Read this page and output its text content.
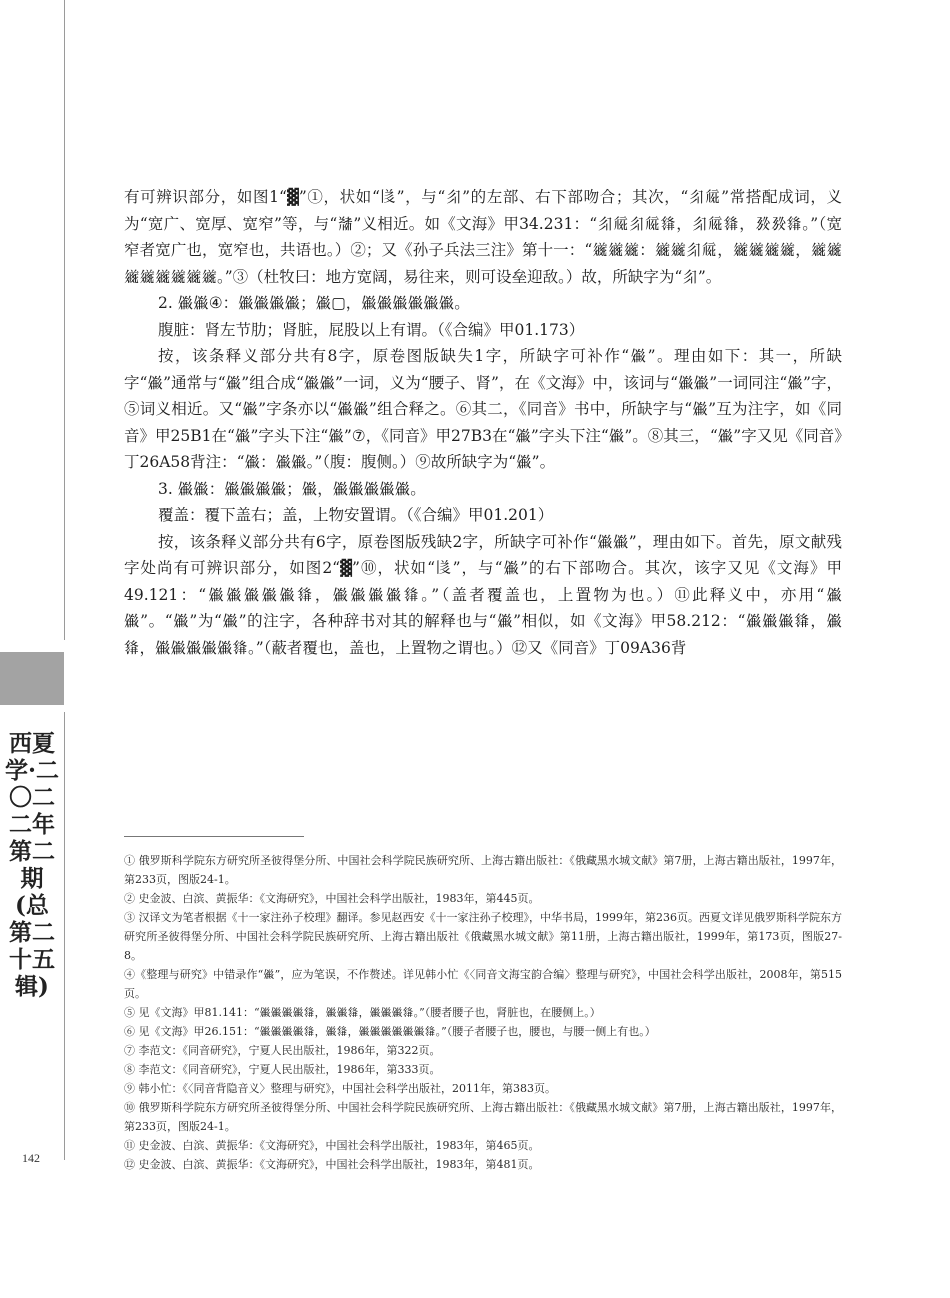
西夏学·二〇二二年第二期(总第二十五辑)
142

有可辨识部分，如图1“▓”①，状如“𗁅”，与“𗼃”的左部、右下部吻合；其次，“𗼃𗏁”常搭配成词，义为“宽广、宽厚、宽窄”等，与“𘃟”义相近。如《文海》甲34.231：“𗼃𗏁𗼃𗏁𗌭，𗼃𗏁𗌭，𗉔𗉔𗌭。”（宽窄者宽广也，宽窄也，共语也。）②；又《孙子兵法三注》第十一：“𗫂𗫂𗫂：𗫂𗫂𗼃𗏁，𗫂𗫂𗫂𗫂，𗫂𗫂𗫂𗫂𗫂𗫂𗫂𗫂。”③（杜牧曰：地方宽阔，易往来，则可设垒迎敌。）故，所缺字为“𗼃”。

2. 𗏹𗏹④：𗏹𗏹𗏹𗏹；𗏹▢，𗏹𗏹𗏹𗏹𗏹𗏹。

腹脏：肾左节肋；肾脏，屁股以上有谓。（《合编》甲01.173）

按，该条释义部分共有8字，原卷图版缺失1字，所缺字可补作“𗏹”。理由如下：其一，所缺字“𗏹”通常与“𗏹”组合成“𗏹𗏹”一词，义为“腰子、肾”，在《文海》中，该词与“𗏹𗏹”一词同注“𗏹”字，⑤词义相近。又“𗏹”字条亦以“𗏹𗏹”组合释之。⑥其二，《同音》书中，所缺字与“𗏹”互为注字，如《同音》甲25B1在“𗏹”字头下注“𗏹”⑦，《同音》甲27B3在“𗏹”字头下注“𗏹”。⑧其三，“𗏹”字又见《同音》丁26A58背注：“𗏹：𗏹𗏹。”（腹：腹侧。）⑨故所缺字为“𗏹”。

3. 𗏹𗏹：𗏹𗏹𗏹𗏹；𗏹，𗏹𗏹𗏹𗏹𗏹。

覆盖：覆下盖右；盖，上物安置谓。（《合编》甲01.201）

按，该条释义部分共有6字，原卷图版残缺2字，所缺字可补作“𗏹𗏹”，理由如下。首先，原文献残字处尚有可辨识部分，如图2“▓”⑩，状如“𗁅”，与“𗏹”的右下部吻合。其次，该字又见《文海》甲49.121：“𗏹𗏹𗏹𗏹𗏹𗌭，𗏹𗏹𗏹𗏹𗌭。”（盖者覆盖也，上置物为也。）⑪此释义中，亦用“𗏹𗏹”。“𗏹”为“𗏹”的注字，各种辞书对其的解释也与“𗏹”相似，如《文海》甲58.212：“𗏹𗏹𗏹𗌭，𗏹𗌭，𗏹𗏹𗏹𗏹𗏹𗌭。”（蔽者覆也，盖也，上置物之谓也。）⑫又《同音》丁09A36背

① 俄罗斯科学院东方研究所圣彼得堡分所、中国社会科学院民族研究所、上海古籍出版社：《俄藏黑水城文献》第7册，上海古籍出版社，1997年，第233页，图版24-1。

② 史金波、白滨、黄振华：《文海研究》，中国社会科学出版社，1983年，第445页。

③ 汉译文为笔者根据《十一家注孙子校理》翻译。参见赵西安《十一家注孙子校理》，中华书局，1999年，第236页。西夏文详见俄罗斯科学院东方研究所圣彼得堡分所、中国社会科学院民族研究所、上海古籍出版社《俄藏黑水城文献》第11册，上海古籍出版社，1999年，第173页，图版27-8。

④《整理与研究》中错录作“𗏹”，应为笔误，不作赘述。详见韩小忙《〈同音文海宝韵合编〉整理与研究》，中国社会科学出版社，2008年，第515页。

⑤ 见《文海》甲81.141：“𗏹𗏹𗏹𗏹𗌭，𗏹𗏹𗌭，𗏹𗏹𗏹𗌭。”（腰者腰子也，肾脏也，在腰侧上。）

⑥ 见《文海》甲26.151：“𗏹𗏹𗏹𗏹𗌭，𗏹𗌭，𗏹𗏹𗏹𗏹𗏹𗏹𗌭。”（腰子者腰子也，腰也，与腰一侧上有也。）

⑦ 李范文：《同音研究》，宁夏人民出版社，1986年，第322页。

⑧ 李范文：《同音研究》，宁夏人民出版社，1986年，第333页。

⑨ 韩小忙：《〈同音背隐音义〉整理与研究》，中国社会科学出版社，2011年，第383页。

⑩ 俄罗斯科学院东方研究所圣彼得堡分所、中国社会科学院民族研究所、上海古籍出版社：《俄藏黑水城文献》第7册，上海古籍出版社，1997年，第233页，图版24-1。

⑪ 史金波、白滨、黄振华：《文海研究》，中国社会科学出版社，1983年，第465页。

⑫ 史金波、白滨、黄振华：《文海研究》，中国社会科学出版社，1983年，第481页。
